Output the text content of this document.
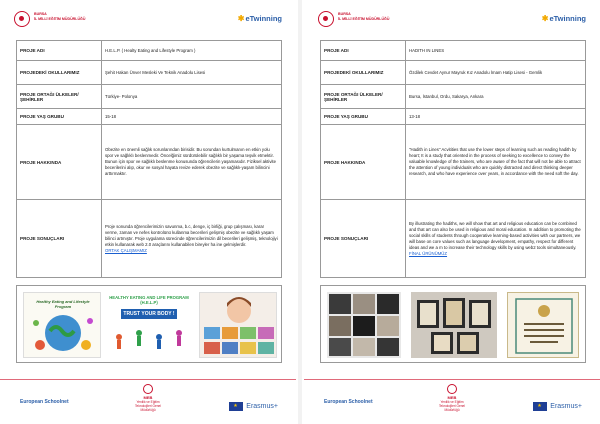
BURSA
İL MİLLİ EĞİTİM MÜDÜRLÜĞÜ	✱eTwinning
PROJE ADI	H.E.L.P. ( Healty Eating and Lifestyle Program )
PROJEDEKİ OKULLARIMIZ	Şehit Hakan Ünver Mesleki Ve Teknik Anadolu Lisesi
PROJE ORTAĞI ÜLKELER/ŞEHİRLER	Türkiye- Polonya
PROJE YAŞ GRUBU	15-18
PROJE HAKKINDA	Obezite en önemli sağlık sorunlarından birisidir. Bu sorundan kurtulmanın en etkin yolu spor ve sağlıklı beslenmedir. Öncelğimiz sürdürülebilir sağlıklı bir yaşama teşvik etmektir. Bunun için spor ve sağlıklı beslenme konusunda öğrencilerin yaşamasıdır. Fiziksel aktivite becerilerini alıp, okur ve sosyal hayata revize ederek obezite ve sağlıklı-yaşam bilincini arttırmaktır.
PROJE SONUÇLARI	Proje sonunda öğrencilerimizin savunma, b.c, denge, iç birliği, grup çalışması, karar verme, zaman ve nefes kontrolünü kullanma becerileri gelişmiş obezite ve sağlıklı yaşam bilinci artmıştır. Proje uygulama sürecinde öğrencilerimizin dil becerileri gelişmiş, teknolojiyi etkin kullanarak web 2.0 araçlarını kullanabilen bireyler ha ine gelmişlerdir.
ORTAK ÇALIŞMAMIZ
Healthy Eating and Lifestyle Program
HEALTHY EATING AND LIFE PROGRAM (H.E.L.P)
TRUST YOUR BODY !
MEB
Yenilik ve Eğitim Teknolojileri Genel Müdürlüğü
European Schoolnet
★
Erasmus+
BURSA
İL MİLLİ EĞİTİM MÜDÜRLÜĞÜ	✱eTwinning
PROJE ADI	HADITH IN LINES
PROJEDEKİ OKULLARIMIZ	Özdilek Cevdet Aynur Mayruk Kız Anadolu İmam Hatip Lisesi - Gemlik
PROJE ORTAĞI ÜLKELER/ŞEHİRLER	Bursa, İstanbul, Ordu, Sakarya, Ankara
PROJE YAŞ GRUBU	13-18
PROJE HAKKINDA	"Hadith in Lines" Acvitities that use the lower steps of learning such as reading hadith by heart; It is a study that oriented in the process of seeking to excellence to convey the valuable knowledge of the trainers, who are aware of the fact that will not be able to attract the attention of young individuals who are quickly distracted and direct thinking deeper research, and who have experience over years, in accordance with the need soft the day.
PROJE SONUÇLARI	By illustrating the hadiths, we will show that art and religious education can be combined and that art can also be used in religious and moral education. In addition to promoting the social skills of students through cooperative learning-based activities with our partners, we will base on core values such as language development, empathy, respect for different ideas and we a m to increase their technology skills by using web2 tools simultaneously.
FİNAL ÜRÜNÜMÜZ
MEB
Yenilik ve Eğitim Teknolojileri Genel Müdürlüğü
European Schoolnet
★
Erasmus+
